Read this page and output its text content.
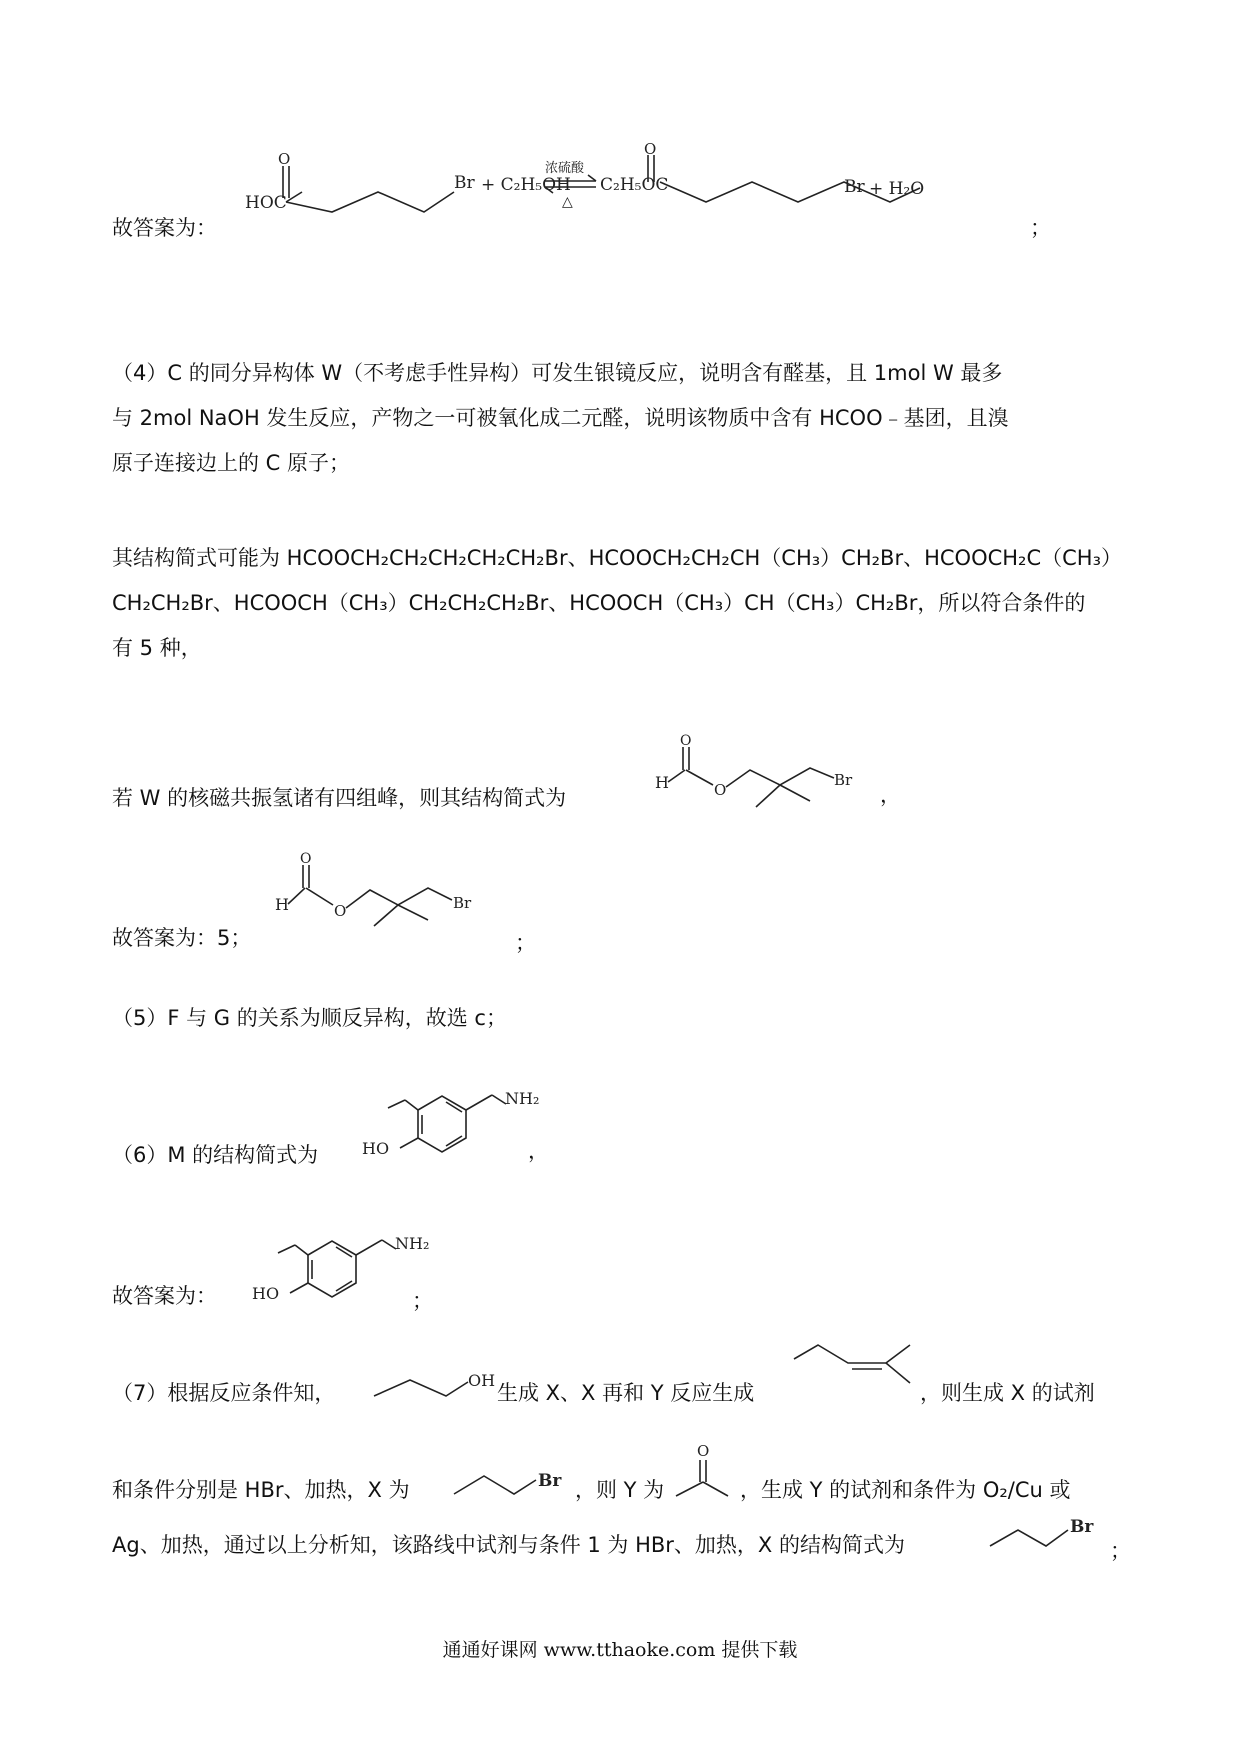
故答案为：
HOC
O
Br + C₂H₅OH
浓硫酸
△
C₂H₅OC
O
Br + H₂O
；
（4）C 的同分异构体 W（不考虑手性异构）可发生银镜反应，说明含有醛基，且 1mol W 最多
与 2mol NaOH 发生反应，产物之一可被氧化成二元醛，说明该物质中含有 HCOO﹣基团，且溴
原子连接边上的 C 原子；
其结构简式可能为 HCOOCH₂CH₂CH₂CH₂CH₂Br、HCOOCH₂CH₂CH（CH₃）CH₂Br、HCOOCH₂C（CH₃）
CH₂CH₂Br、HCOOCH（CH₃）CH₂CH₂CH₂Br、HCOOCH（CH₃）CH（CH₃）CH₂Br，所以符合条件的
有 5 种，
若 W 的核磁共振氢诸有四组峰，则其结构简式为
H
O
O
Br
，
故答案为：5；
H
O
O	Br
；
（5）F 与 G 的关系为顺反异构，故选 c；
（6）M 的结构简式为
NH₂
HO	，
故答案为：
NH₂
HO	；
（7）根据反应条件知，
OH
生成 X、X 再和 Y 反应生成	，则生成 X 的试剂
和条件分别是 HBr、加热，X 为	Br ，则 Y 为
O
，生成 Y 的试剂和条件为 O₂/Cu 或
Ag、加热，通过以上分析知，该路线中试剂与条件 1 为 HBr、加热，X 的结构简式为
Br
；
通通好课网 www.tthaoke.com 提供下载
